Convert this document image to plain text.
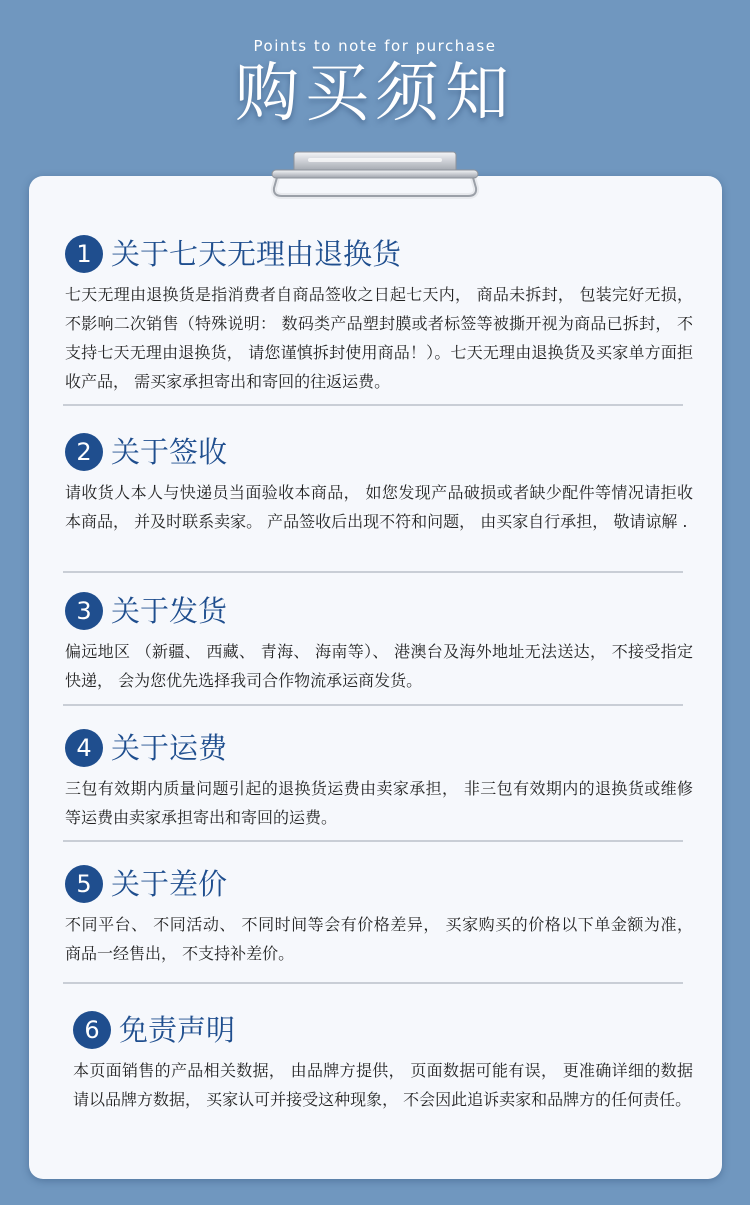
Points to note for purchase
购买须知
1 关于七天无理由退换货
七天无理由退换货是指消费者自商品签收之日起七天内， 商品未拆封， 包装完好无损， 不影响二次销售（特殊说明： 数码类产品塑封膜或者标签等被撕开视为商品已拆封， 不支持七天无理由退换货， 请您谨慎拆封使用商品！）。七天无理由退换货及买家单方面拒收产品， 需买家承担寄出和寄回的往返运费。
2 关于签收
请收货人本人与快递员当面验收本商品， 如您发现产品破损或者缺少配件等情况请拒收本商品， 并及时联系卖家。 产品签收后出现不符和问题， 由买家自行承担， 敬请谅解 .
3 关于发货
偏远地区 （新疆、 西藏、 青海、 海南等）、 港澳台及海外地址无法送达， 不接受指定快递， 会为您优先选择我司合作物流承运商发货。
4 关于运费
三包有效期内质量问题引起的退换货运费由卖家承担， 非三包有效期内的退换货或维修等运费由卖家承担寄出和寄回的运费。
5 关于差价
不同平台、 不同活动、 不同时间等会有价格差异， 买家购买的价格以下单金额为准， 商品一经售出， 不支持补差价。
6 免责声明
本页面销售的产品相关数据， 由品牌方提供， 页面数据可能有误， 更准确详细的数据请以品牌方数据， 买家认可并接受这种现象， 不会因此追诉卖家和品牌方的任何责任。
